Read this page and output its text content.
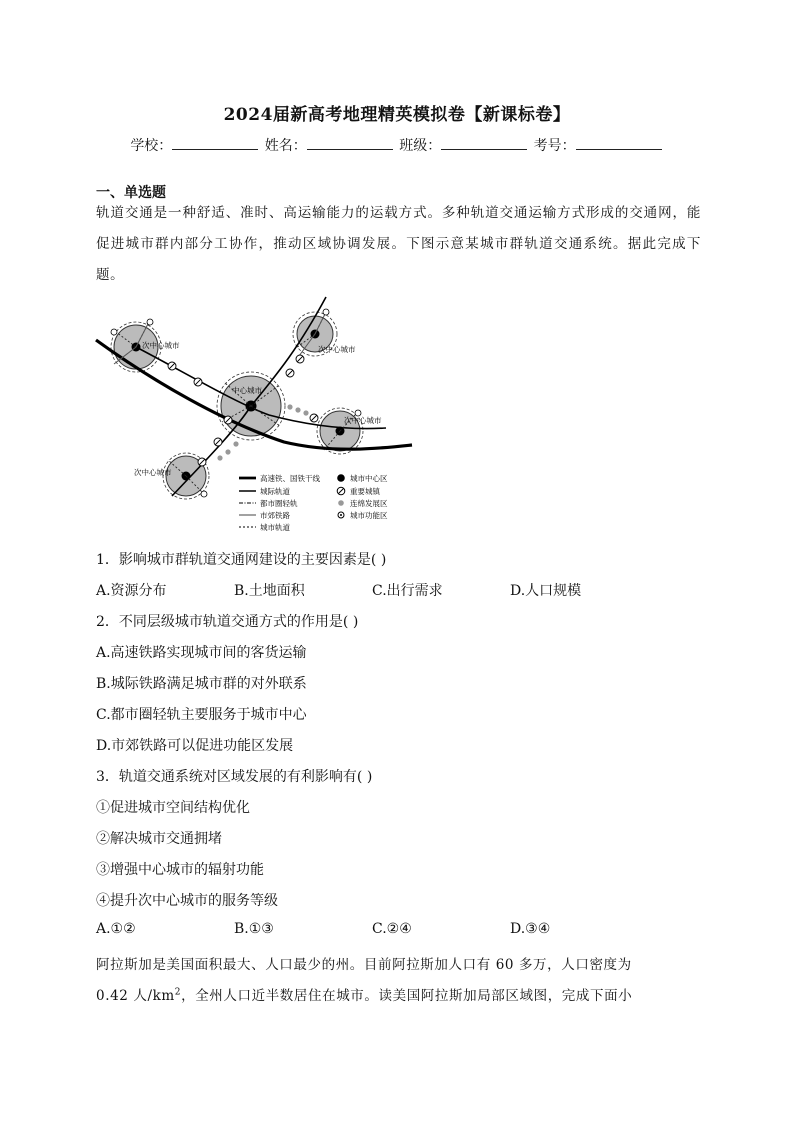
2024届新高考地理精英模拟卷【新课标卷】
学校：	姓名：	班级：	考号：
一、单选题
轨道交通是一种舒适、准时、高运输能力的运载方式。多种轨道交通运输方式形成的交通网，能促进城市群内部分工协作，推动区域协调发展。下图示意某城市群轨道交通系统。据此完成下题。
次中心城市	次中心城市
中心城市
次中心城市
次中心城市
高速铁、国铁干线
城际轨道
都市圈轻轨
市郊铁路
城市轨道
城市中心区
重要城镇
连绵发展区
城市功能区
1．影响城市群轨道交通网建设的主要因素是( )
A.资源分布	B.土地面积	C.出行需求	D.人口规模
2．不同层级城市轨道交通方式的作用是( )
A.高速铁路实现城市间的客货运输
B.城际铁路满足城市群的对外联系
C.都市圈轻轨主要服务于城市中心
D.市郊铁路可以促进功能区发展
3．轨道交通系统对区域发展的有利影响有( )
①促进城市空间结构优化
②解决城市交通拥堵
③增强中心城市的辐射功能
④提升次中心城市的服务等级
A.①②	B.①③	C.②④	D.③④
阿拉斯加是美国面积最大、人口最少的州。目前阿拉斯加人口有 60 多万，人口密度为
0.42 人$/km^2$，全州人口近半数居住在城市。读美国阿拉斯加局部区域图，完成下面小
